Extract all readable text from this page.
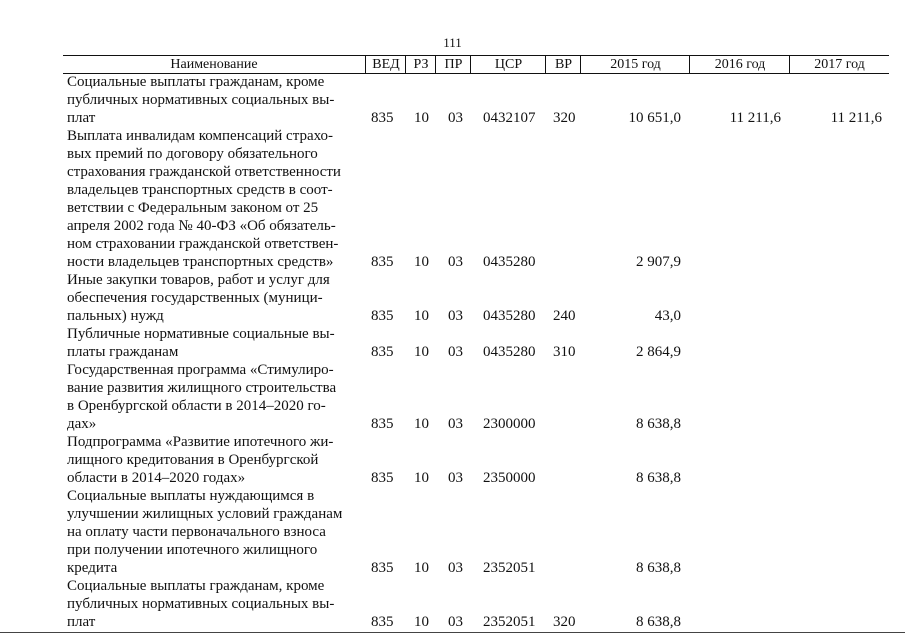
111
Наименование	ВЕД РЗ	ПР	ЦСР	ВР	2015 год	2016 год	2017 год
Социальные выплаты гражданам, кроме
публичных нормативных социальных вы-
плат	835 10 03 0432107 320	10 651,0	11 211,6	11 211,6
Выплата инвалидам компенсаций страхо-
вых премий по договору обязательного
страхования гражданской ответственности
владельцев транспортных средств в соот-
ветствии с Федеральным законом от 25
апреля 2002 года № 40-ФЗ «Об обязатель-
ном страховании гражданской ответствен-
ности владельцев транспортных средств»	835 10 03 0435280	2 907,9
Иные закупки товаров, работ и услуг для
обеспечения государственных (муници-
пальных) нужд	835 10 03 0435280 240	43,0
Публичные нормативные социальные вы-
платы гражданам	835 10 03 0435280 310	2 864,9
Государственная программа «Стимулиро-
вание развития жилищного строительства
в Оренбургской области в 2014–2020 го-
дах»	835 10 03 2300000	8 638,8
Подпрограмма «Развитие ипотечного жи-
лищного кредитования в Оренбургской
области в 2014–2020 годах»	835 10 03 2350000	8 638,8
Социальные выплаты нуждающимся в
улучшении жилищных условий гражданам
на оплату части первоначального взноса
при получении ипотечного жилищного
кредита	835 10 03 2352051	8 638,8
Социальные выплаты гражданам, кроме
публичных нормативных социальных вы-
плат	835 10 03 2352051 320	8 638,8
